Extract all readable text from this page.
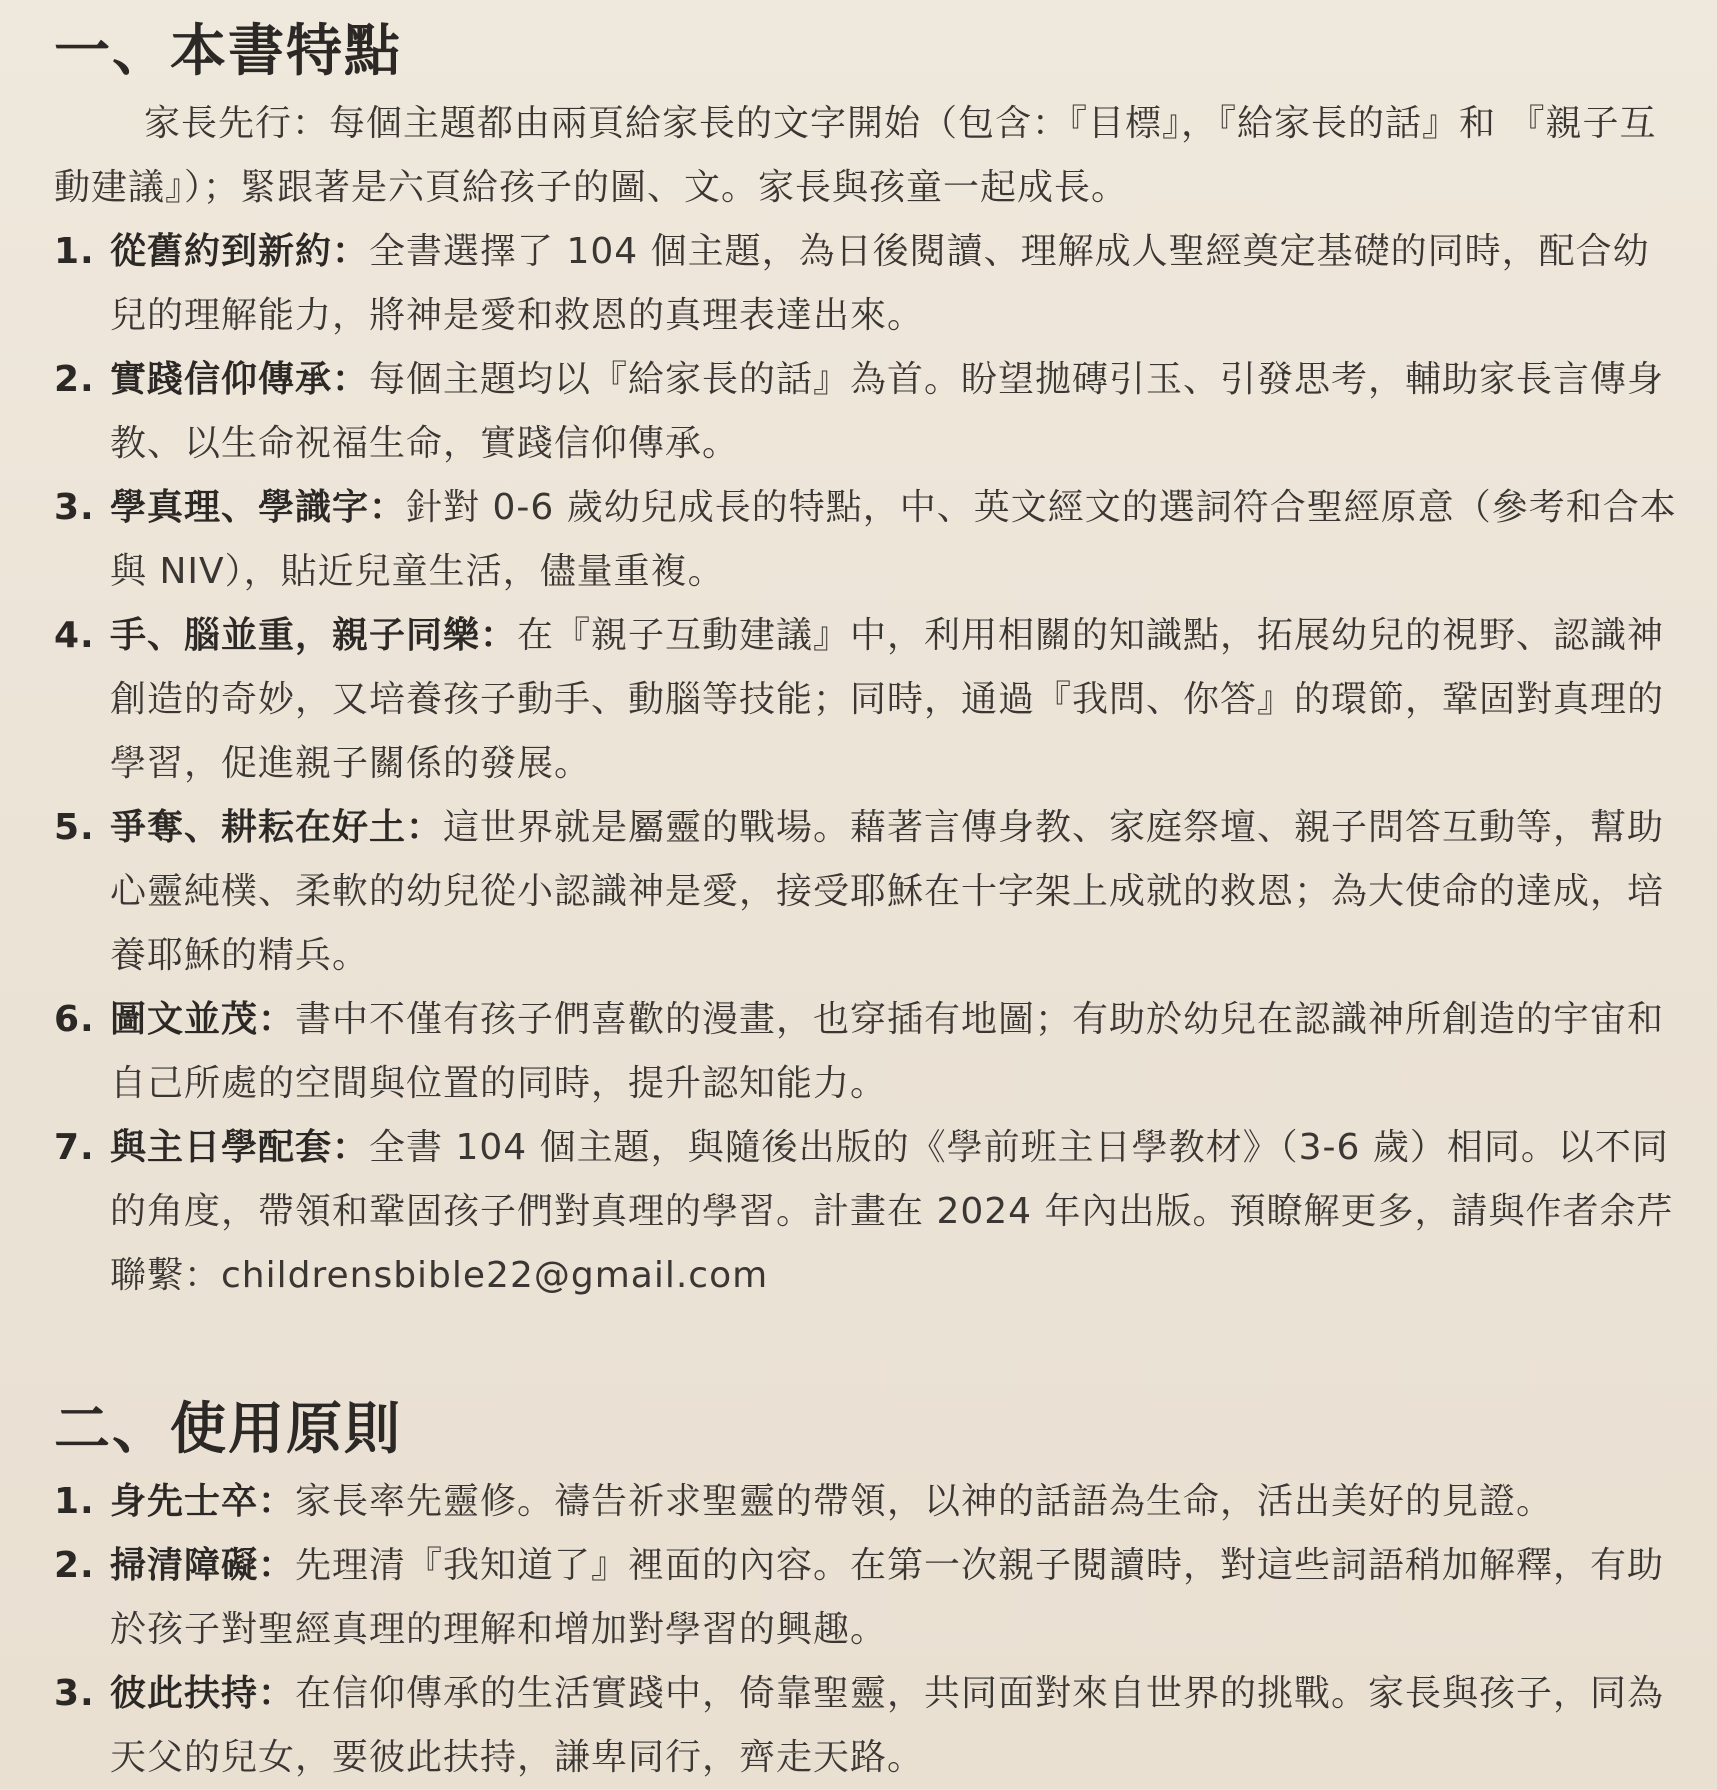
一、本書特點

家長先行：每個主題都由兩頁給家長的文字開始（包含：『目標』，『給家長的話』和 『親子互動建議』）；緊跟著是六頁給孩子的圖、文。家長與孩童一起成長。

1. 從舊約到新約：全書選擇了 104 個主題，為日後閱讀、理解成人聖經奠定基礎的同時，配合幼兒的理解能力，將神是愛和救恩的真理表達出來。
2. 實踐信仰傳承：每個主題均以『給家長的話』為首。盼望拋磚引玉、引發思考，輔助家長言傳身教、以生命祝福生命，實踐信仰傳承。
3. 學真理、學識字：針對 0-6 歲幼兒成長的特點，中、英文經文的選詞符合聖經原意（參考和合本與 NIV），貼近兒童生活，儘量重複。
4. 手、腦並重，親子同樂：在『親子互動建議』中，利用相關的知識點，拓展幼兒的視野、認識神創造的奇妙，又培養孩子動手、動腦等技能；同時，通過『我問、你答』的環節，鞏固對真理的學習，促進親子關係的發展。
5. 爭奪、耕耘在好土：這世界就是屬靈的戰場。藉著言傳身教、家庭祭壇、親子問答互動等，幫助心靈純樸、柔軟的幼兒從小認識神是愛，接受耶穌在十字架上成就的救恩；為大使命的達成，培養耶穌的精兵。
6. 圖文並茂：書中不僅有孩子們喜歡的漫畫，也穿插有地圖；有助於幼兒在認識神所創造的宇宙和自己所處的空間與位置的同時，提升認知能力。
7. 與主日學配套：全書 104 個主題，與隨後出版的《學前班主日學教材》（3-6 歲）相同。以不同的角度，帶領和鞏固孩子們對真理的學習。計畫在 2024 年內出版。預瞭解更多，請與作者余芹聯繫：childrensbible22@gmail.com
二、使用原則
1. 身先士卒：家長率先靈修。禱告祈求聖靈的帶領，以神的話語為生命，活出美好的見證。
2. 掃清障礙：先理清『我知道了』裡面的內容。在第一次親子閱讀時，對這些詞語稍加解釋，有助於孩子對聖經真理的理解和增加對學習的興趣。
3. 彼此扶持：在信仰傳承的生活實踐中，倚靠聖靈，共同面對來自世界的挑戰。家長與孩子，同為天父的兒女，要彼此扶持，謙卑同行，齊走天路。
